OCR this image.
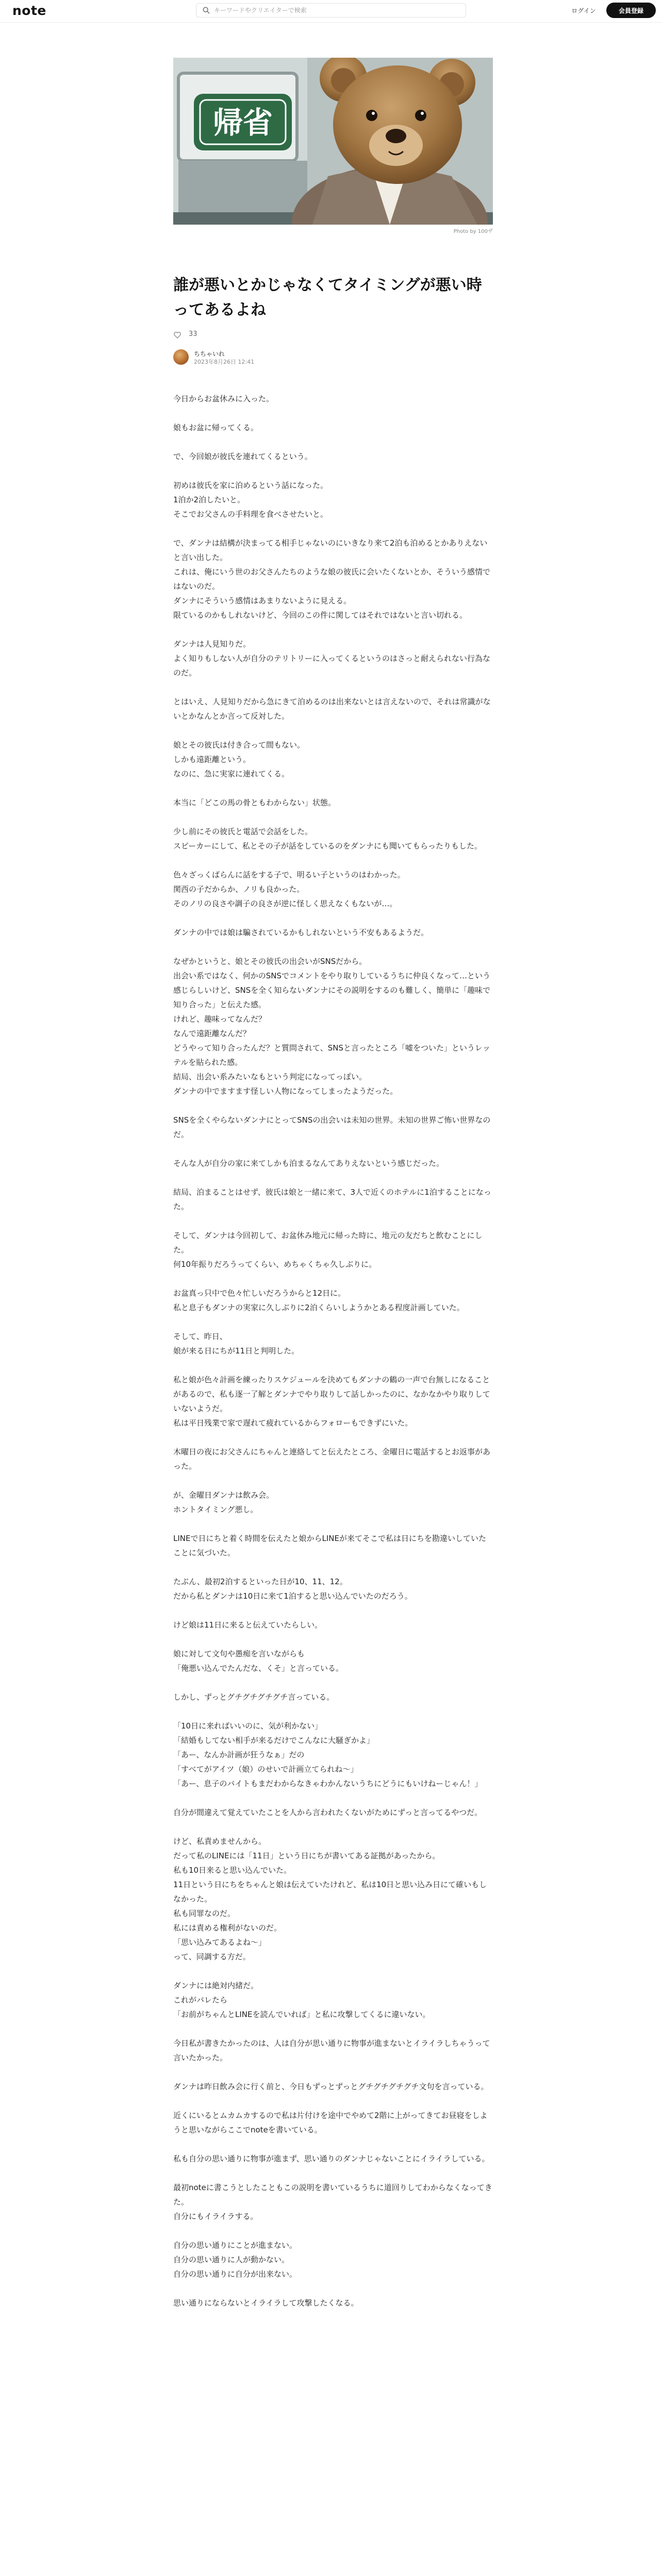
note
キーワードやクリエイターで検索	ログイン	会員登録
帰省
Photo by 100ザ
誰が悪いとかじゃなくてタイミングが悪い時ってあるよね
33
ちちゃいれ
2023年8月26日 12:41

今日からお盆休みに入った。

娘もお盆に帰ってくる。

で、今回娘が彼氏を連れてくるという。

初めは彼氏を家に泊めるという話になった。
1泊か2泊したいと。
そこでお父さんの手料理を食べさせたいと。

で、ダンナは結構が決まってる相手じゃないのにいきなり来て2泊も泊めるとかありえないと言い出した。
これは、俺にいう世のお父さんたちのような娘の彼氏に会いたくないとか、そういう感情ではないのだ。
ダンナにそういう感情はあまりないように見える。
限ているのかもしれないけど、今回のこの件に関してはそれではないと言い切れる。

ダンナは人見知りだ。
よく知りもしない人が自分のテリトリーに入ってくるというのはさっと耐えられない行為なのだ。

とはいえ、人見知りだから急にきて泊めるのは出来ないとは言えないので、それは常識がないとかなんとか言って反対した。

娘とその彼氏は付き合って間もない。
しかも遠距離という。
なのに、急に実家に連れてくる。

本当に「どこの馬の骨ともわからない」状態。

少し前にその彼氏と電話で会話をした。
スピーカーにして、私とその子が話をしているのをダンナにも聞いてもらったりもした。

色々ざっくばらんに話をする子で、明るい子というのはわかった。
関西の子だからか、ノリも良かった。
そのノリの良さや調子の良さが逆に怪しく思えなくもないが…。

ダンナの中では娘は騙されているかもしれないという不安もあるようだ。

なぜかというと、娘とその彼氏の出会いがSNSだから。
出会い系ではなく、何かのSNSでコメントをやり取りしているうちに仲良くなって…という感じらしいけど、SNSを全く知らないダンナにその説明をするのも難しく、簡単に「趣味で知り合った」と伝えた感。
けれど、趣味ってなんだ？
なんで遠距離なんだ？
どうやって知り合ったんだ？と質問されて、SNSと言ったところ「嘘をついた」というレッテルを貼られた感。
結局、出会い系みたいなもという判定になってっぽい。
ダンナの中でますます怪しい人物になってしまったようだった。

SNSを全くやらないダンナにとってSNSの出会いは未知の世界。未知の世界ご怖い世界なのだ。

そんな人が自分の家に来てしかも泊まるなんてありえないという感じだった。

結局、泊まることはせず、彼氏は娘と一緒に来て、3人で近くのホテルに1泊することになった。

そして、ダンナは今回初して、お盆休み地元に帰った時に、地元の友だちと飲むことにした。
何10年振りだろうってくらい、めちゃくちゃ久しぶりに。

お盆真っ只中で色々忙しいだろうからと12日に。
私と息子もダンナの実家に久しぶりに2泊くらいしようかとある程度計画していた。

そして、昨日、
娘が来る日にちが11日と判明した。

私と娘が色々計画を練ったりスケジュールを決めてもダンナの鶴の一声で台無しになることがあるので、私も逐一了解とダンナでやり取りして話しかったのに、なかなかやり取りしていないようだ。
私は平日残業で家で遅れて疲れているからフォローもできずにいた。

木曜日の夜にお父さんにちゃんと連絡してと伝えたところ、金曜日に電話するとお返事があった。

が、金曜日ダンナは飲み会。
ホントタイミング悪し。

LINEで日にちと着く時間を伝えたと娘からLINEが来てそこで私は日にちを勘違いしていたことに気づいた。

たぶん、最初2泊するといった日が10、11、12。
だから私とダンナは10日に来て1泊すると思い込んでいたのだろう。

けど娘は11日に来ると伝えていたらしい。

娘に対して文句や愚痴を言いながらも
「俺悪い込んでたんだな、くそ」と言っている。

しかし、ずっとグチグチグチグチ言っている。

「10日に来ればいいのに、気が利かない」
「結婚もしてない相手が来るだけでこんなに大騒ぎかよ」
「あー、なんか計画が狂うなぁ」だの
「すべてがアイツ（娘）のせいで計画立てられね〜」
「あー、息子のバイトもまだわからなきゃわかんないうちにどうにもいけねーじゃん！」

自分が間違えて覚えていたことを人から言われたくないがためにずっと言ってるやつだ。

けど、私責めませんから。
だって私のLINEには「11日」という日にちが書いてある証拠があったから。
私も10日来ると思い込んでいた。
11日という日にちをちゃんと娘は伝えていたけれど、私は10日と思い込み日にて確いもしなかった。
私も同罪なのだ。
私には責める権利がないのだ。
「思い込みてあるよね〜」
って、同調する方だ。

ダンナには絶対内緒だ。
これがバレたら
「お前がちゃんとLINEを読んでいれば」と私に攻撃してくるに違いない。

今日私が書きたかったのは、人は自分が思い通りに物事が進まないとイライラしちゃうって言いたかった。

ダンナは昨日飲み会に行く前と、今日もずっとずっとグチグチグチグチ文句を言っている。

近くにいるとムカムカするので私は片付けを途中でやめて2階に上がってきてお昼寝をしようと思いながらここでnoteを書いている。

私も自分の思い通りに物事が進まず、思い通りのダンナじゃないことにイライラしている。

最初noteに書こうとしたこともこの説明を書いているうちに道回りしてわからなくなってきた。
自分にもイライラする。

自分の思い通りにことが進まない。
自分の思い通りに人が動かない。
自分の思い通りに自分が出来ない。

思い通りにならないとイライラして攻撃したくなる。
